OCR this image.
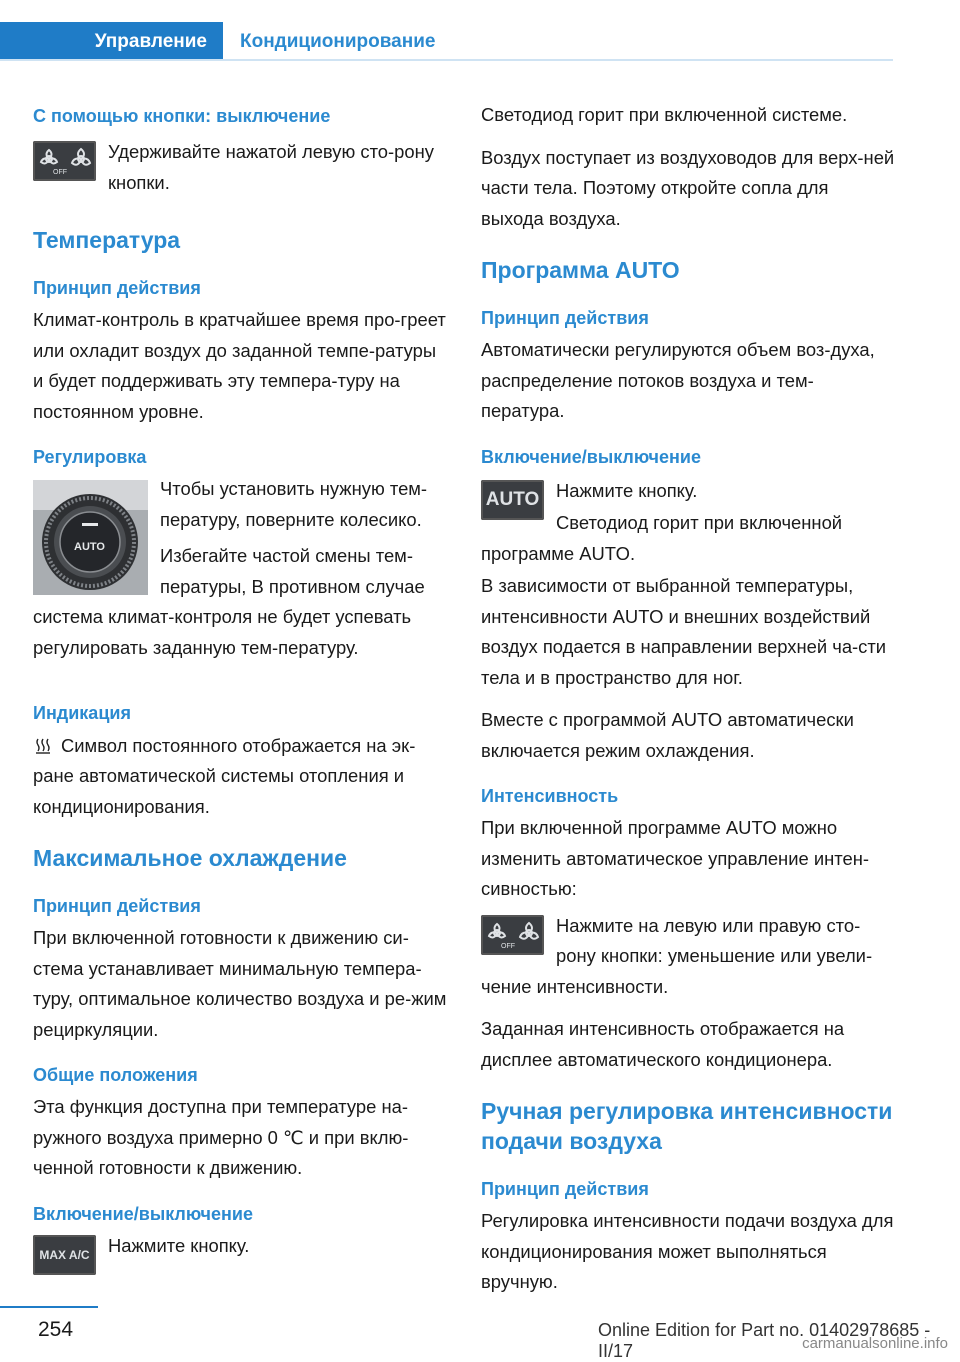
Управление	Кондиционирование
С помощью кнопки: выключение
OFF

Удерживайте нажатой левую сто-рону кнопки.

Температура
Принцип действия

Климат-контроль в кратчайшее время про-греет или охладит воздух до заданной темпе-ратуры и будет поддерживать эту темпера-туру на постоянном уровне.

Регулировка
AUTO

Чтобы установить нужную тем-пературу, поверните колесико.

Избегайте частой смены тем-пературы, В противном случае система климат-контроля не будет успевать регулировать заданную тем-пературу.

Индикация

Символ постоянного отображается на эк-ране автоматической системы отопления и кондиционирования.

Максимальное охлаждение
Принцип действия

При включенной готовности к движению си-стема устанавливает минимальную темпера-туру, оптимальное количество воздуха и ре-жим рециркуляции.

Общие положения

Эта функция доступна при температуре на-ружного воздуха примерно 0 ℃ и при вклю-ченной готовности к движению.

Включение/выключение
MAX A/C Нажмите кнопку.

Светодиод горит при включенной системе.

Воздух поступает из воздуховодов для верх-ней части тела. Поэтому откройте сопла для выхода воздуха.

Программа AUTO
Принцип действия

Автоматически регулируются объем воз-духа, распределение потоков воздуха и тем-пература.

Включение/выключение
AUTO Нажмите кнопку.

Светодиод горит при включенной программе AUTO.

В зависимости от выбранной температуры, интенсивности AUTO и внешних воздействий воздух подается в направлении верхней ча-сти тела и в пространство для ног.

Вместе с программой AUTO автоматически включается режим охлаждения.

Интенсивность

При включенной программе AUTO можно изменить автоматическое управление интен-сивностью:

OFF

Нажмите на левую или правую сто-рону кнопки: уменьшение или увели-чение интенсивности.

Заданная интенсивность отображается на дисплее автоматического кондиционера.

Ручная регулировка интенсивности подачи воздуха
Принцип действия

Регулировка интенсивности подачи воздуха для кондиционирования может выполняться вручную.

254	Online Edition for Part no. 01402978685 - II/17	carmanualsonline.info
